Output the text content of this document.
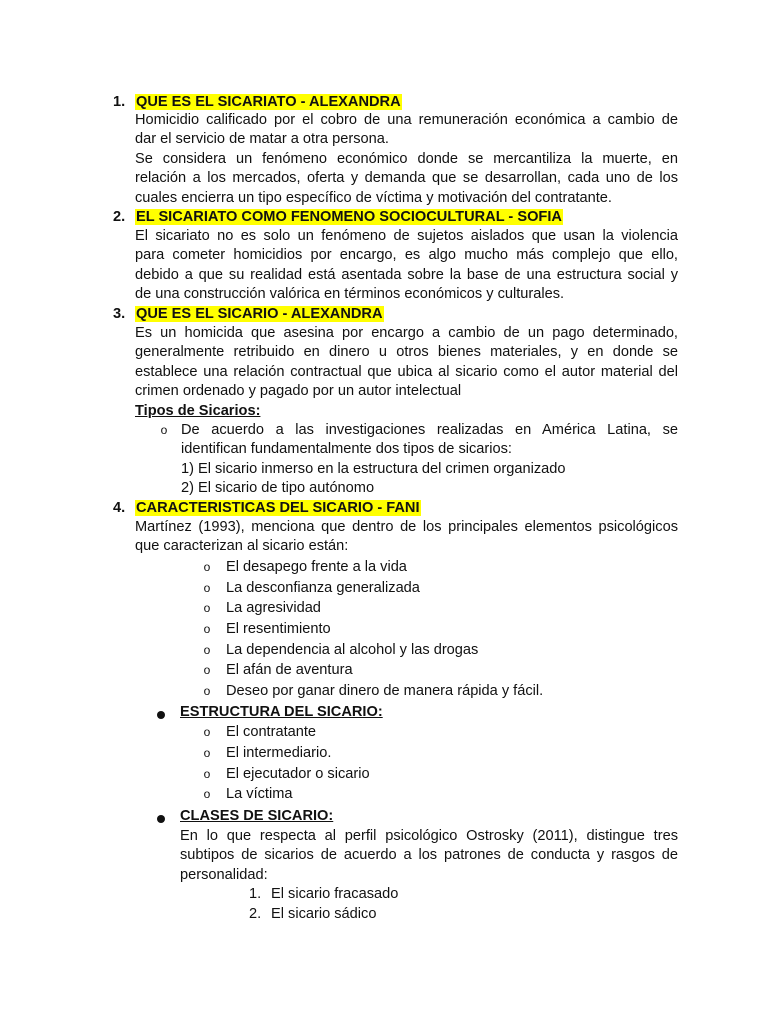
1. QUE ES EL SICARIATO - ALEXANDRA
Homicidio calificado por el cobro de una remuneración económica a cambio de
dar el servicio de matar a otra persona.
Se considera un fenómeno económico donde se mercantiliza la muerte, en
relación a los mercados, oferta y demanda que se desarrollan, cada uno de los
cuales encierra un tipo específico de víctima y motivación del contratante.
2. EL SICARIATO COMO FENOMENO SOCIOCULTURAL - SOFIA
El sicariato no es solo un fenómeno de sujetos aislados que usan la violencia
para cometer homicidios por encargo, es algo mucho más complejo que ello,
debido a que su realidad está asentada sobre la base de una estructura social y
de una construcción valórica en términos económicos y culturales.
3. QUE ES EL SICARIO - ALEXANDRA
Es un homicida que asesina por encargo a cambio de un pago determinado,
generalmente retribuido en dinero u otros bienes materiales, y en donde se
establece una relación contractual que ubica al sicario como el autor material del
crimen ordenado y pagado por un autor intelectual
Tipos de Sicarios:
o De acuerdo a las investigaciones realizadas en América Latina, se
identifican fundamentalmente dos tipos de sicarios:
1) El sicario inmerso en la estructura del crimen organizado
2) El sicario de tipo autónomo
4. CARACTERISTICAS DEL SICARIO - FANI
Martínez (1993), menciona que dentro de los principales elementos psicológicos
que caracterizan al sicario están:
o El desapego frente a la vida
o La desconfianza generalizada
o La agresividad
o El resentimiento
o La dependencia al alcohol y las drogas
o El afán de aventura
o Deseo por ganar dinero de manera rápida y fácil.
ESTRUCTURA DEL SICARIO:
o El contratante
o El intermediario.
o El ejecutador o sicario
o La víctima
CLASES DE SICARIO:
En lo que respecta al perfil psicológico Ostrosky (2011), distingue tres
subtipos de sicarios de acuerdo a los patrones de conducta y rasgos de
personalidad:
1. El sicario fracasado
2. El sicario sádico
